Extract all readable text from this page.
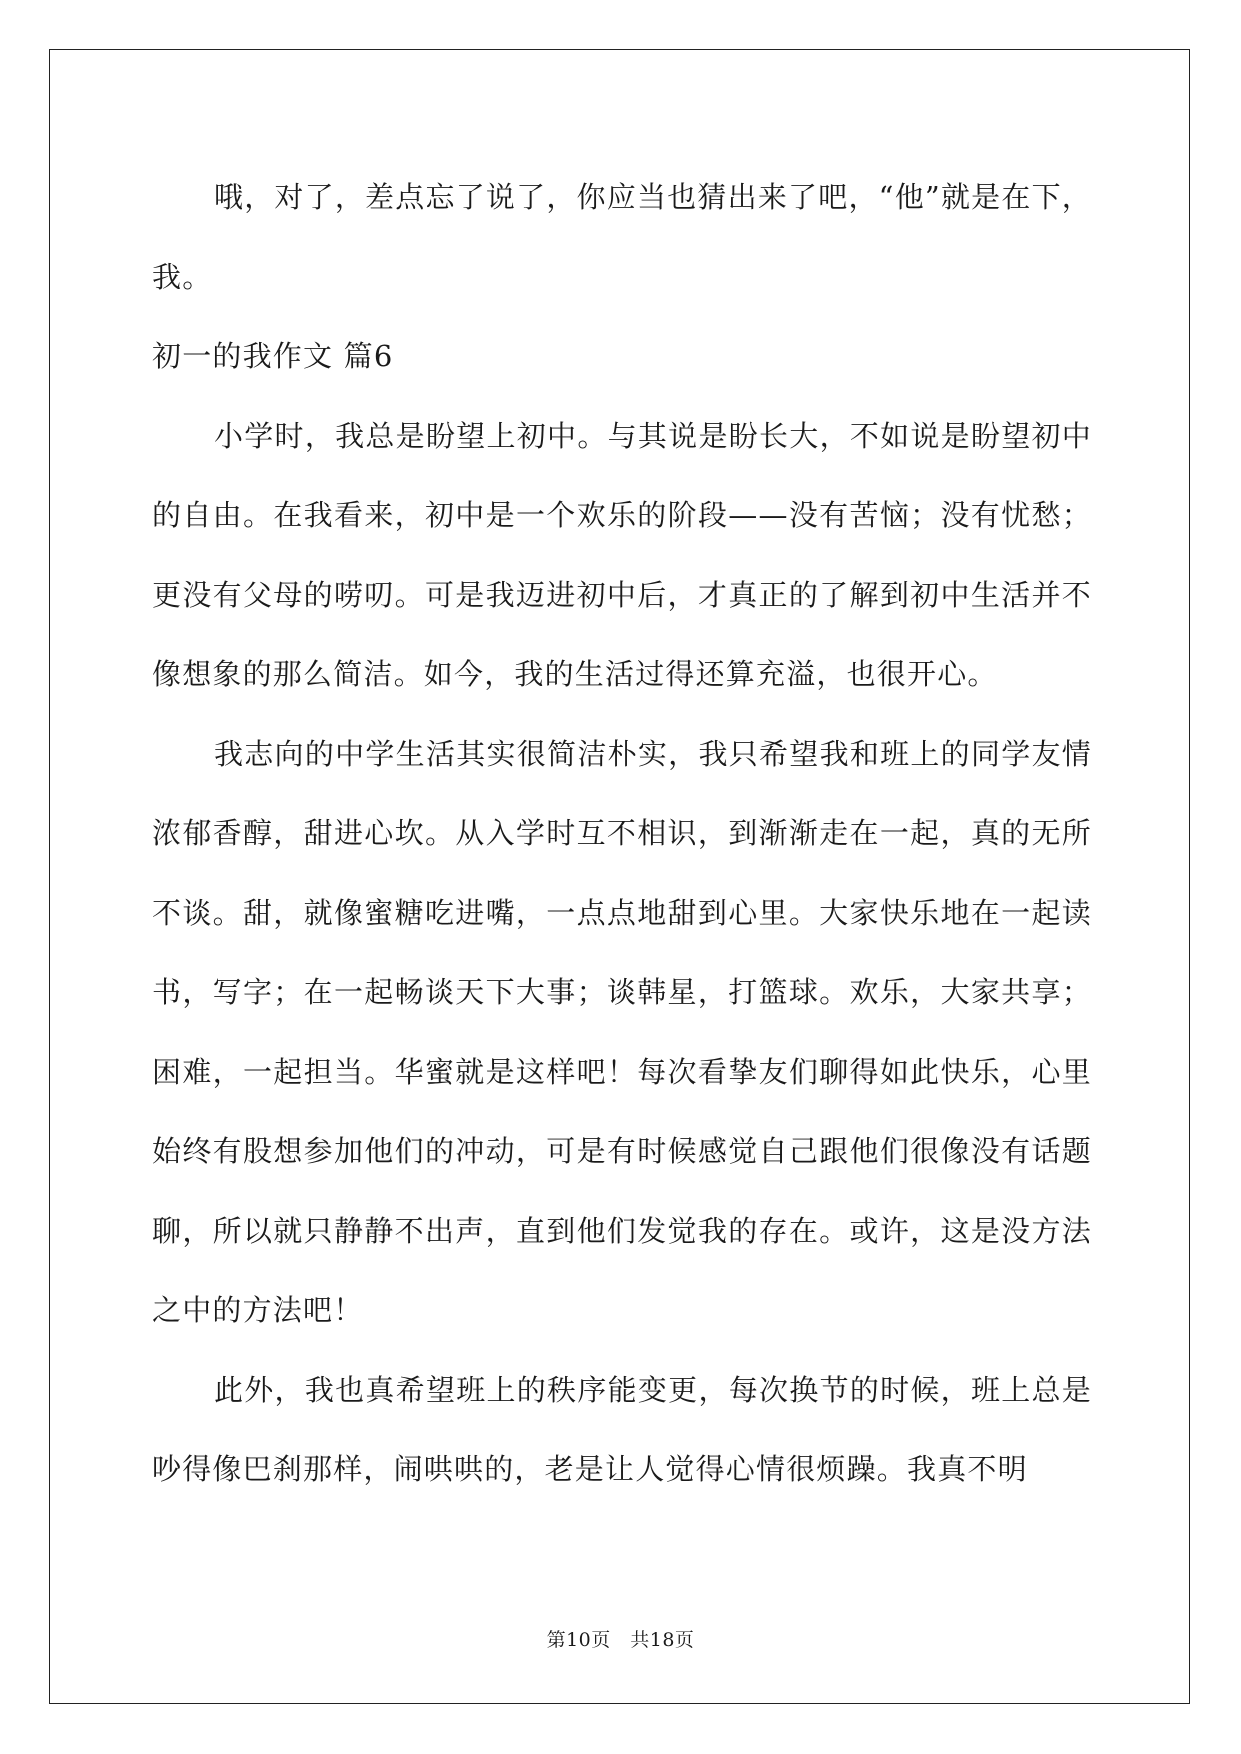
哦，对了，差点忘了说了，你应当也猜出来了吧，“他”就是在下，我。

初一的我作文 篇6

小学时，我总是盼望上初中。与其说是盼长大，不如说是盼望初中的自由。在我看来，初中是一个欢乐的阶段——没有苦恼；没有忧愁；更没有父母的唠叨。可是我迈进初中后，才真正的了解到初中生活并不像想象的那么简洁。如今，我的生活过得还算充溢，也很开心。

我志向的中学生活其实很简洁朴实，我只希望我和班上的同学友情浓郁香醇，甜进心坎。从入学时互不相识，到渐渐走在一起，真的无所不谈。甜，就像蜜糖吃进嘴，一点点地甜到心里。大家快乐地在一起读书，写字；在一起畅谈天下大事；谈韩星，打篮球。欢乐，大家共享；困难，一起担当。华蜜就是这样吧！每次看挚友们聊得如此快乐，心里始终有股想参加他们的冲动，可是有时候感觉自己跟他们很像没有话题聊，所以就只静静不出声，直到他们发觉我的存在。或许，这是没方法之中的方法吧！

此外，我也真希望班上的秩序能变更，每次换节的时候，班上总是吵得像巴刹那样，闹哄哄的，老是让人觉得心情很烦躁。我真不明

第10页　共18页
